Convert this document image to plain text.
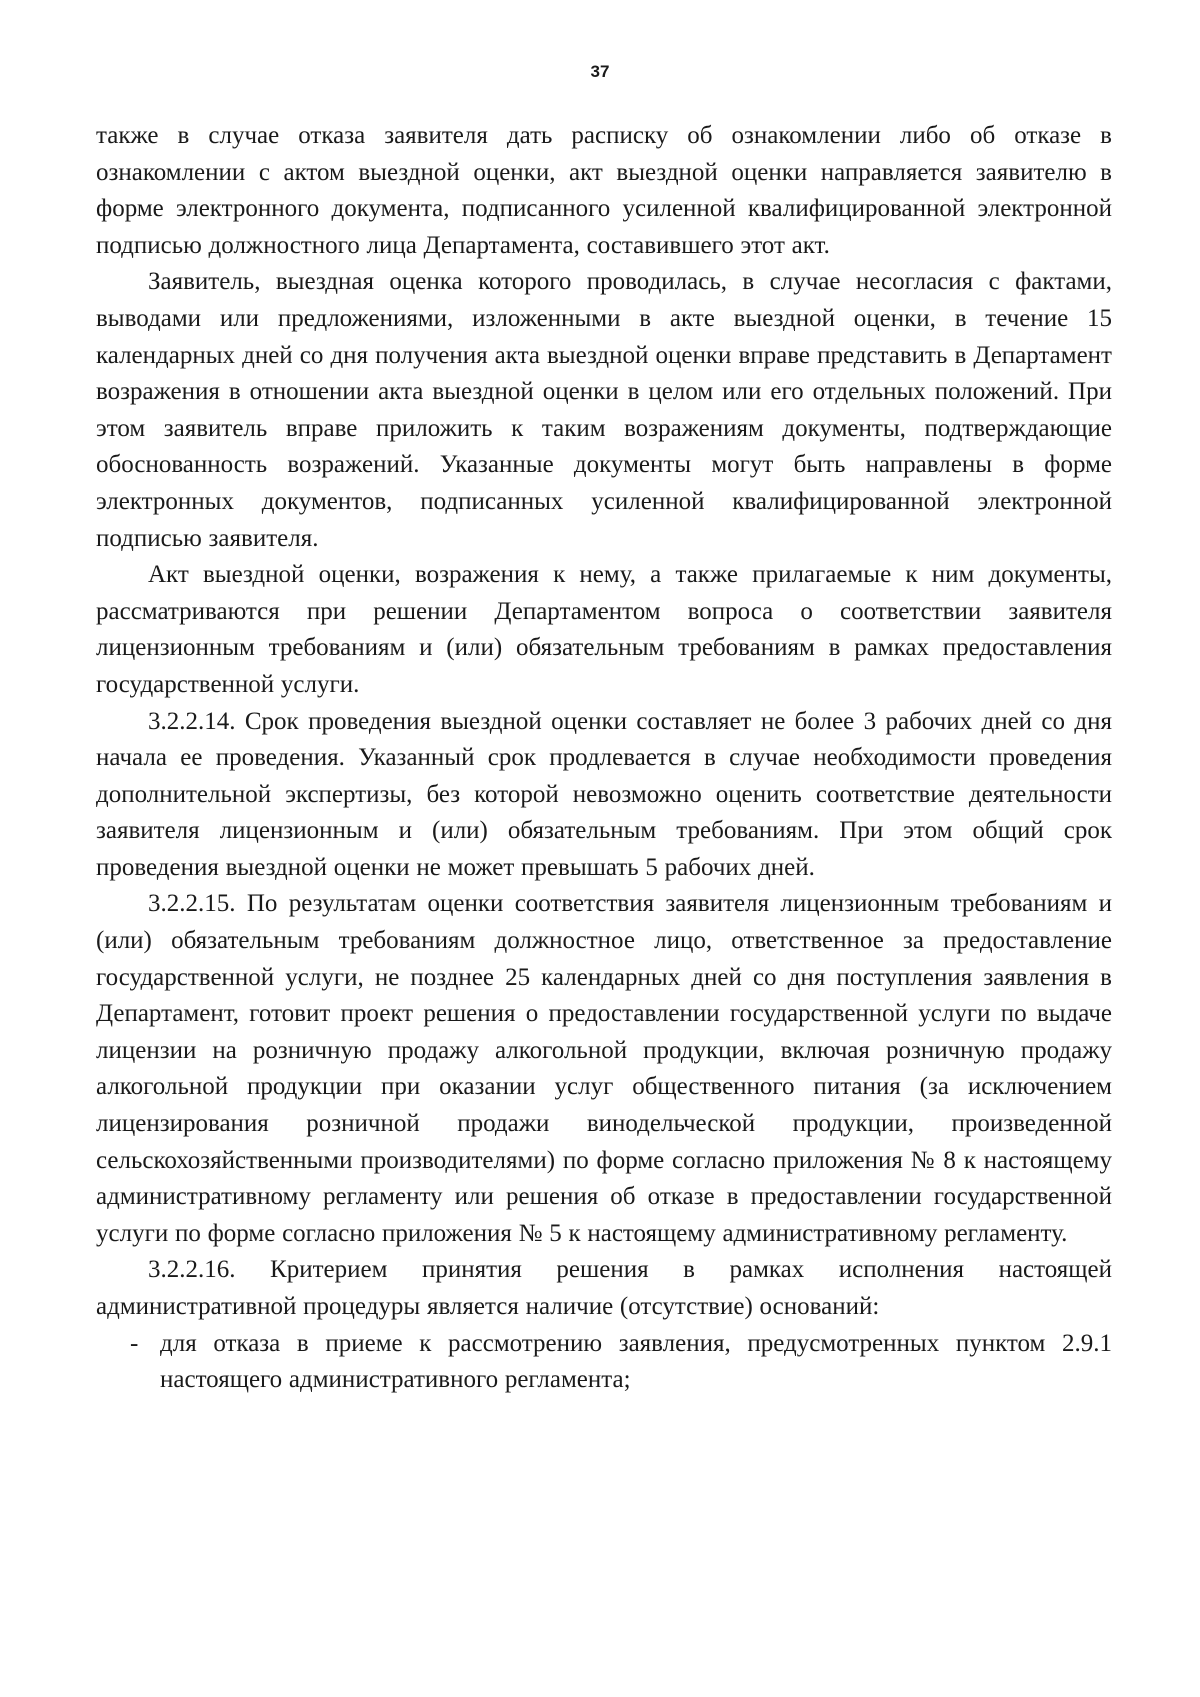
37

также в случае отказа заявителя дать расписку об ознакомлении либо об отказе в ознакомлении с актом выездной оценки, акт выездной оценки направляется заявителю в форме электронного документа, подписанного усиленной квалифицированной электронной подписью должностного лица Департамента, составившего этот акт.

Заявитель, выездная оценка которого проводилась, в случае несогласия с фактами, выводами или предложениями, изложенными в акте выездной оценки, в течение 15 календарных дней со дня получения акта выездной оценки вправе представить в Департамент возражения в отношении акта выездной оценки в целом или его отдельных положений. При этом заявитель вправе приложить к таким возражениям документы, подтверждающие обоснованность возражений. Указанные документы могут быть направлены в форме электронных документов, подписанных усиленной квалифицированной электронной подписью заявителя.

Акт выездной оценки, возражения к нему, а также прилагаемые к ним документы, рассматриваются при решении Департаментом вопроса о соответствии заявителя лицензионным требованиям и (или) обязательным требованиям в рамках предоставления государственной услуги.

3.2.2.14. Срок проведения выездной оценки составляет не более 3 рабочих дней со дня начала ее проведения. Указанный срок продлевается в случае необходимости проведения дополнительной экспертизы, без которой невозможно оценить соответствие деятельности заявителя лицензионным и (или) обязательным требованиям. При этом общий срок проведения выездной оценки не может превышать 5 рабочих дней.

3.2.2.15. По результатам оценки соответствия заявителя лицензионным требованиям и (или) обязательным требованиям должностное лицо, ответственное за предоставление государственной услуги, не позднее 25 календарных дней со дня поступления заявления в Департамент, готовит проект решения о предоставлении государственной услуги по выдаче лицензии на розничную продажу алкогольной продукции, включая розничную продажу алкогольной продукции при оказании услуг общественного питания (за исключением лицензирования розничной продажи винодельческой продукции, произведенной сельскохозяйственными производителями) по форме согласно приложения № 8 к настоящему административному регламенту или решения об отказе в предоставлении государственной услуги по форме согласно приложения № 5 к настоящему административному регламенту.

3.2.2.16. Критерием принятия решения в рамках исполнения настоящей административной процедуры является наличие (отсутствие) оснований:

- для отказа в приеме к рассмотрению заявления, предусмотренных пунктом 2.9.1 настоящего административного регламента;
